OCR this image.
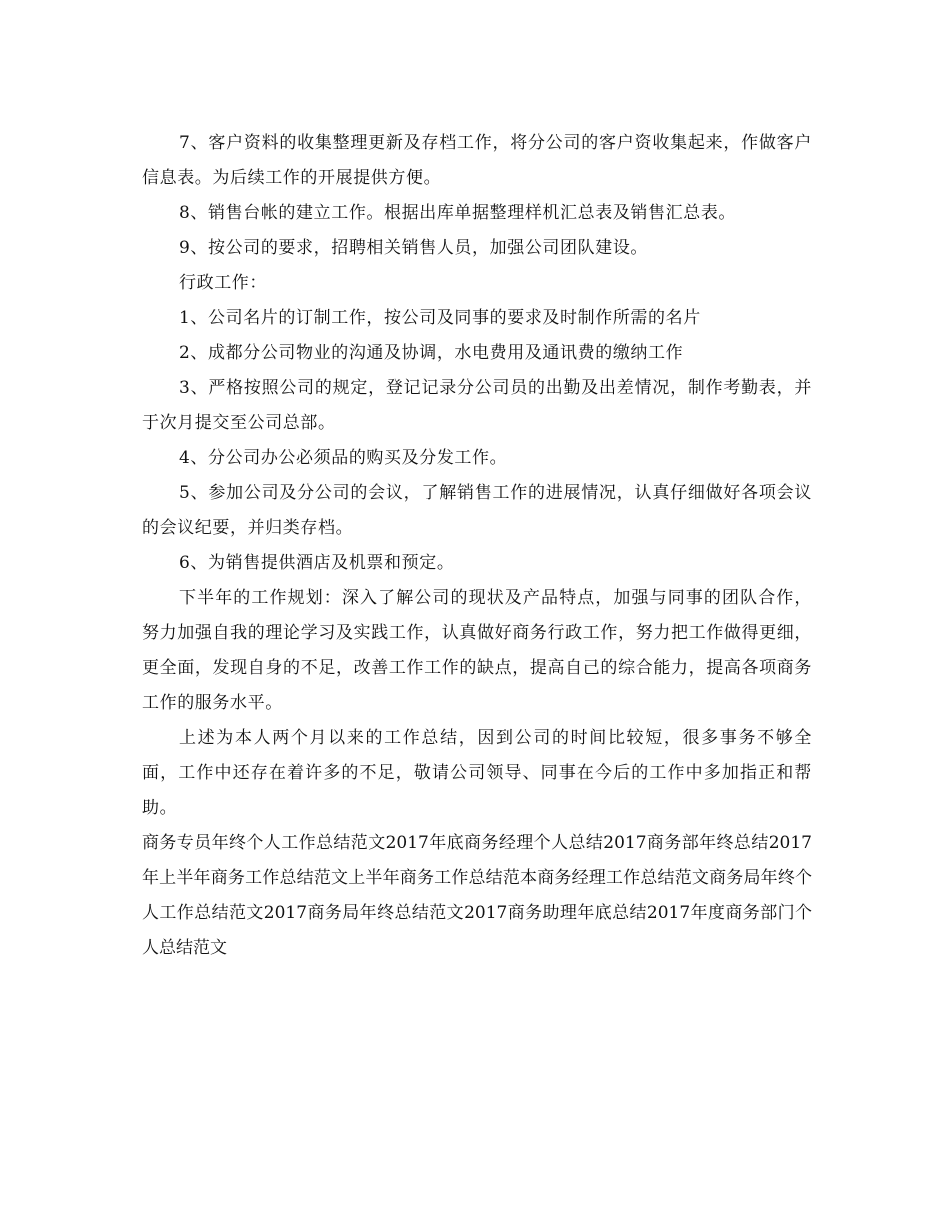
7、客户资料的收集整理更新及存档工作，将分公司的客户资收集起来，作做客户信息表。为后续工作的开展提供方便。

8、销售台帐的建立工作。根据出库单据整理样机汇总表及销售汇总表。

9、按公司的要求，招聘相关销售人员，加强公司团队建设。

行政工作：

1、公司名片的订制工作，按公司及同事的要求及时制作所需的名片

2、成都分公司物业的沟通及协调，水电费用及通讯费的缴纳工作

3、严格按照公司的规定，登记记录分公司员的出勤及出差情况，制作考勤表，并于次月提交至公司总部。

4、分公司办公必须品的购买及分发工作。

5、参加公司及分公司的会议，了解销售工作的进展情况，认真仔细做好各项会议的会议纪要，并归类存档。

6、为销售提供酒店及机票和预定。

下半年的工作规划：深入了解公司的现状及产品特点，加强与同事的团队合作，努力加强自我的理论学习及实践工作，认真做好商务行政工作，努力把工作做得更细，更全面，发现自身的不足，改善工作工作的缺点，提高自己的综合能力，提高各项商务工作的服务水平。

上述为本人两个月以来的工作总结，因到公司的时间比较短，很多事务不够全面，工作中还存在着许多的不足，敬请公司领导、同事在今后的工作中多加指正和帮助。

商务专员年终个人工作总结范文2017年底商务经理个人总结2017商务部年终总结2017年上半年商务工作总结范文上半年商务工作总结范本商务经理工作总结范文商务局年终个人工作总结范文2017商务局年终总结范文2017商务助理年底总结2017年度商务部门个人总结范文
